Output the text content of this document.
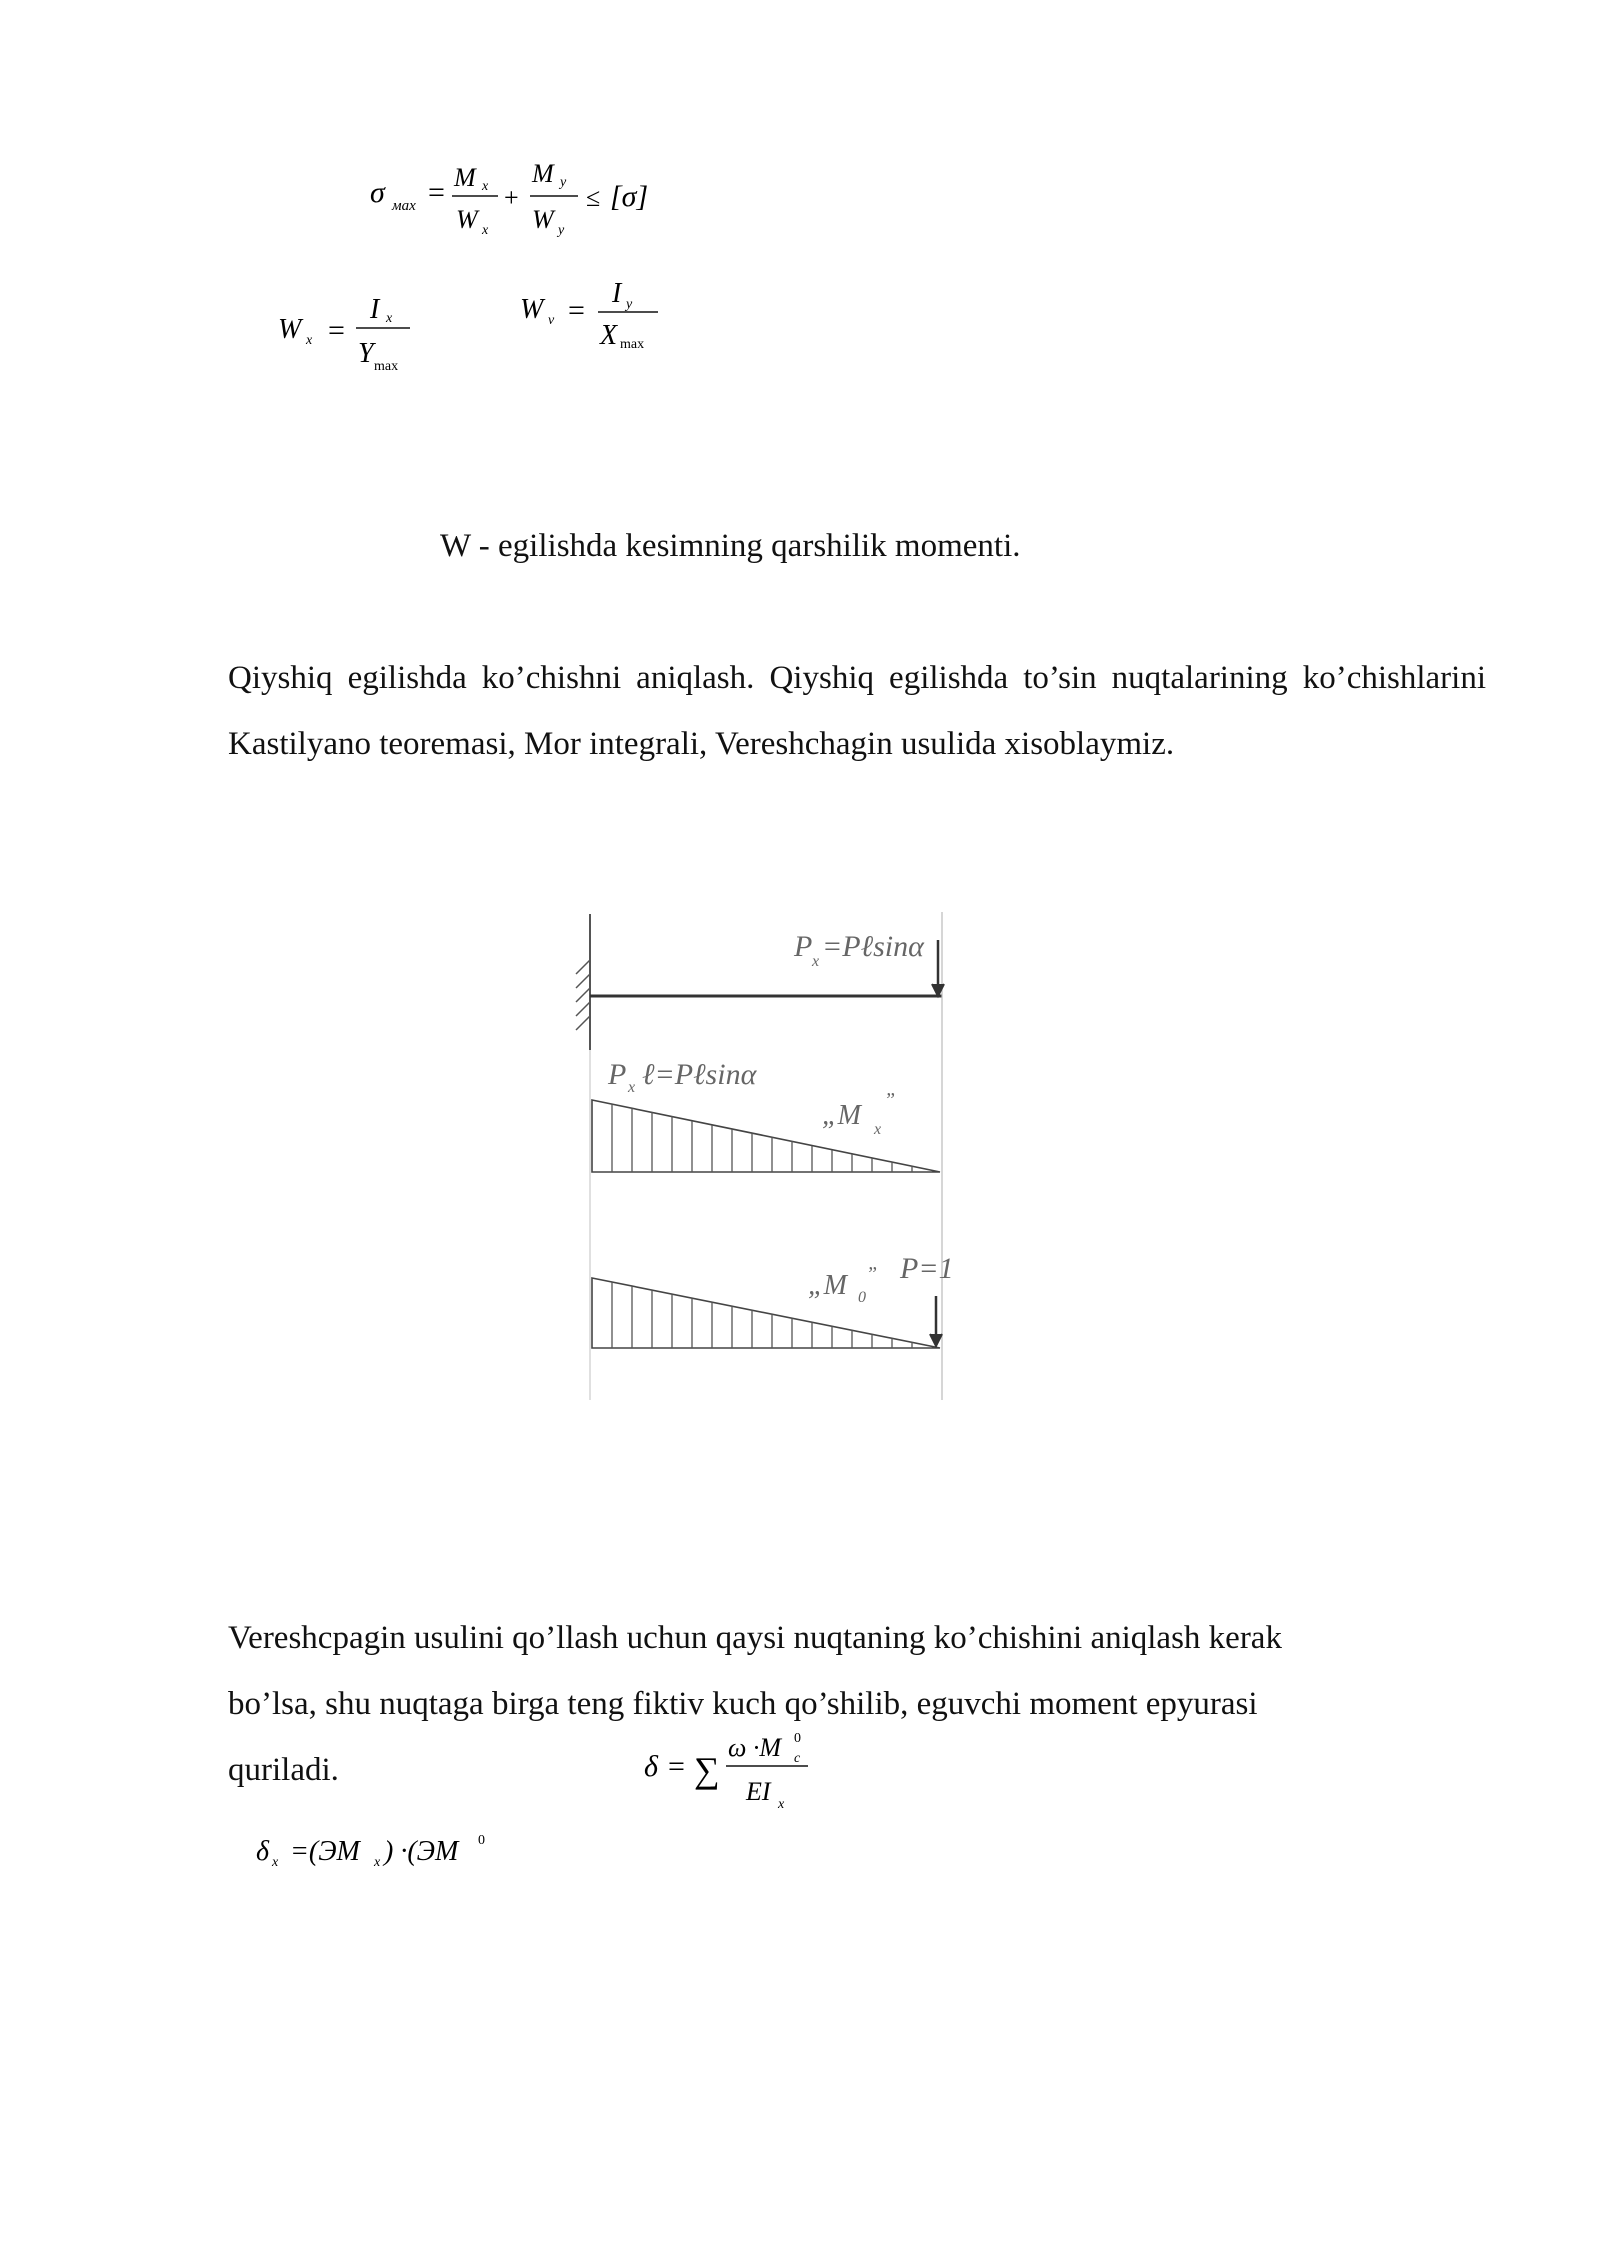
σ мах = M x
W x
+
M y
W y
≤ [σ]
W x =
I x
Y max
W v =
I y
X max
W - egilishda kesimning qarshilik momenti.

Qiyshiq egilishda ko’chishni aniqlash. Qiyshiq egilishda to’sin nuqtalarining ko’chishlarini Kastilyano teoremasi, Mor integrali, Vereshchagin usulida xisoblaymiz.

P x =Pℓsinα
P x ℓ=Pℓsinα
„M x
”
„M 0
” P=1
Vereshcpagin usulini qo’llash uchun qaysi nuqtaning ko’chishini aniqlash kerak
bo’lsa, shu nuqtaga birga teng fiktiv kuch qo’shilib, eguvchi moment epyurasi
quriladi.	δ = ∑
ω ·M 0
c
EI x
δ x =(ЭM x ) ·(ЭM 0
